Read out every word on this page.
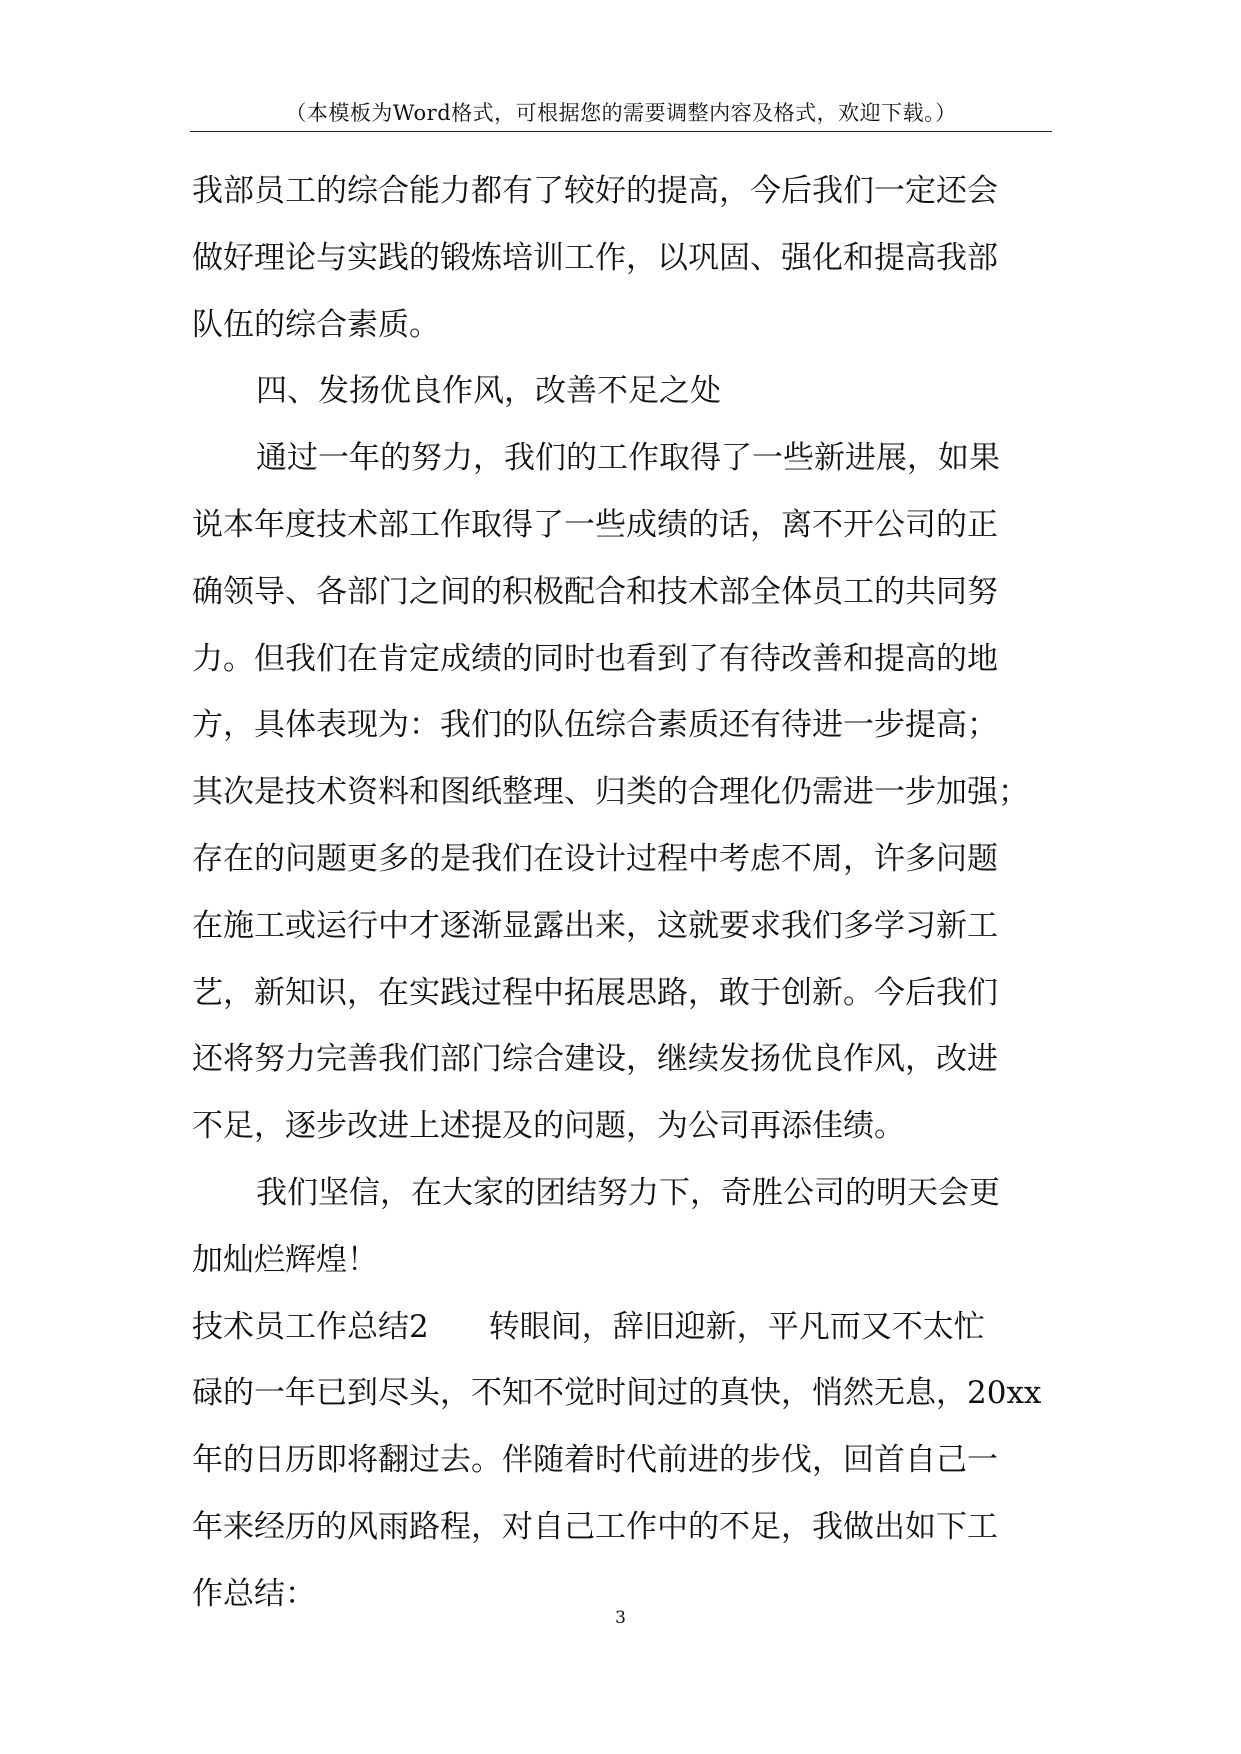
（本模板为Word格式，可根据您的需要调整内容及格式，欢迎下载。）
我部员工的综合能力都有了较好的提高，今后我们一定还会
做好理论与实践的锻炼培训工作，以巩固、强化和提高我部
队伍的综合素质。
四、发扬优良作风，改善不足之处
通过一年的努力，我们的工作取得了一些新进展，如果
说本年度技术部工作取得了一些成绩的话，离不开公司的正
确领导、各部门之间的积极配合和技术部全体员工的共同努
力。但我们在肯定成绩的同时也看到了有待改善和提高的地
方，具体表现为：我们的队伍综合素质还有待进一步提高；
其次是技术资料和图纸整理、归类的合理化仍需进一步加强；
存在的问题更多的是我们在设计过程中考虑不周，许多问题
在施工或运行中才逐渐显露出来，这就要求我们多学习新工
艺，新知识，在实践过程中拓展思路，敢于创新。今后我们
还将努力完善我们部门综合建设，继续发扬优良作风，改进
不足，逐步改进上述提及的问题，为公司再添佳绩。
我们坚信，在大家的团结努力下，奇胜公司的明天会更
加灿烂辉煌！
技术员工作总结2 转眼间，辞旧迎新，平凡而又不太忙
碌的一年已到尽头，不知不觉时间过的真快，悄然无息，20xx
年的日历即将翻过去。伴随着时代前进的步伐，回首自己一
年来经历的风雨路程，对自己工作中的不足，我做出如下工
作总结：
3
